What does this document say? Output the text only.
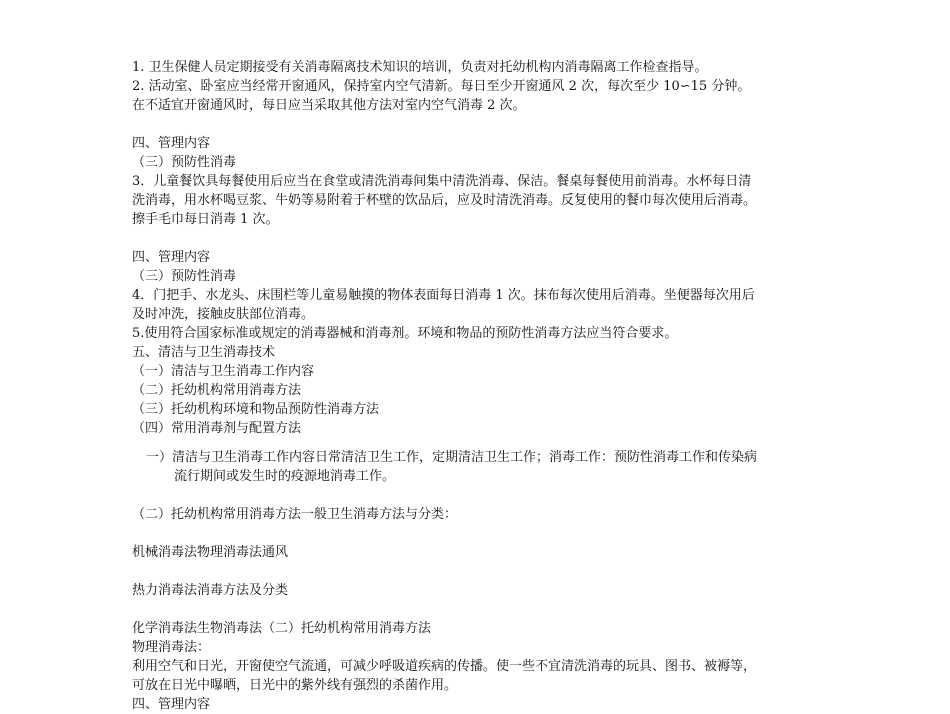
1. 卫生保健人员定期接受有关消毒隔离技术知识的培训，负责对托幼机构内消毒隔离工作检查指导。

2. 活动室、卧室应当经常开窗通风，保持室内空气清新。每日至少开窗通风 2 次，每次至少 10∽15 分钟。

在不适宜开窗通风时，每日应当采取其他方法对室内空气消毒 2 次。

四、管理内容

（三）预防性消毒

3．儿童餐饮具每餐使用后应当在食堂或清洗消毒间集中清洗消毒、保洁。餐桌每餐使用前消毒。水杯每日清

洗消毒，用水杯喝豆浆、牛奶等易附着于杯壁的饮品后，应及时清洗消毒。反复使用的餐巾每次使用后消毒。

擦手毛巾每日消毒 1 次。

四、管理内容

（三）预防性消毒

4．门把手、水龙头、床围栏等儿童易触摸的物体表面每日消毒 1 次。抹布每次使用后消毒。坐便器每次用后

及时冲洗，接触皮肤部位消毒。

5.使用符合国家标准或规定的消毒器械和消毒剂。环境和物品的预防性消毒方法应当符合要求。

五、清洁与卫生消毒技术

（一）清洁与卫生消毒工作内容

（二）托幼机构常用消毒方法

（三）托幼机构环境和物品预防性消毒方法

（四）常用消毒剂与配置方法

一）清洁与卫生消毒工作内容日常清洁卫生工作，定期清洁卫生工作；消毒工作：预防性消毒工作和传染病

流行期间或发生时的疫源地消毒工作。

（二）托幼机构常用消毒方法一般卫生消毒方法与分类：

机械消毒法物理消毒法通风

热力消毒法消毒方法及分类

化学消毒法生物消毒法（二）托幼机构常用消毒方法

物理消毒法：

利用空气和日光，开窗使空气流通，可减少呼吸道疾病的传播。使一些不宜清洗消毒的玩具、图书、被褥等，

可放在日光中曝晒，日光中的紫外线有强烈的杀菌作用。

四、管理内容
